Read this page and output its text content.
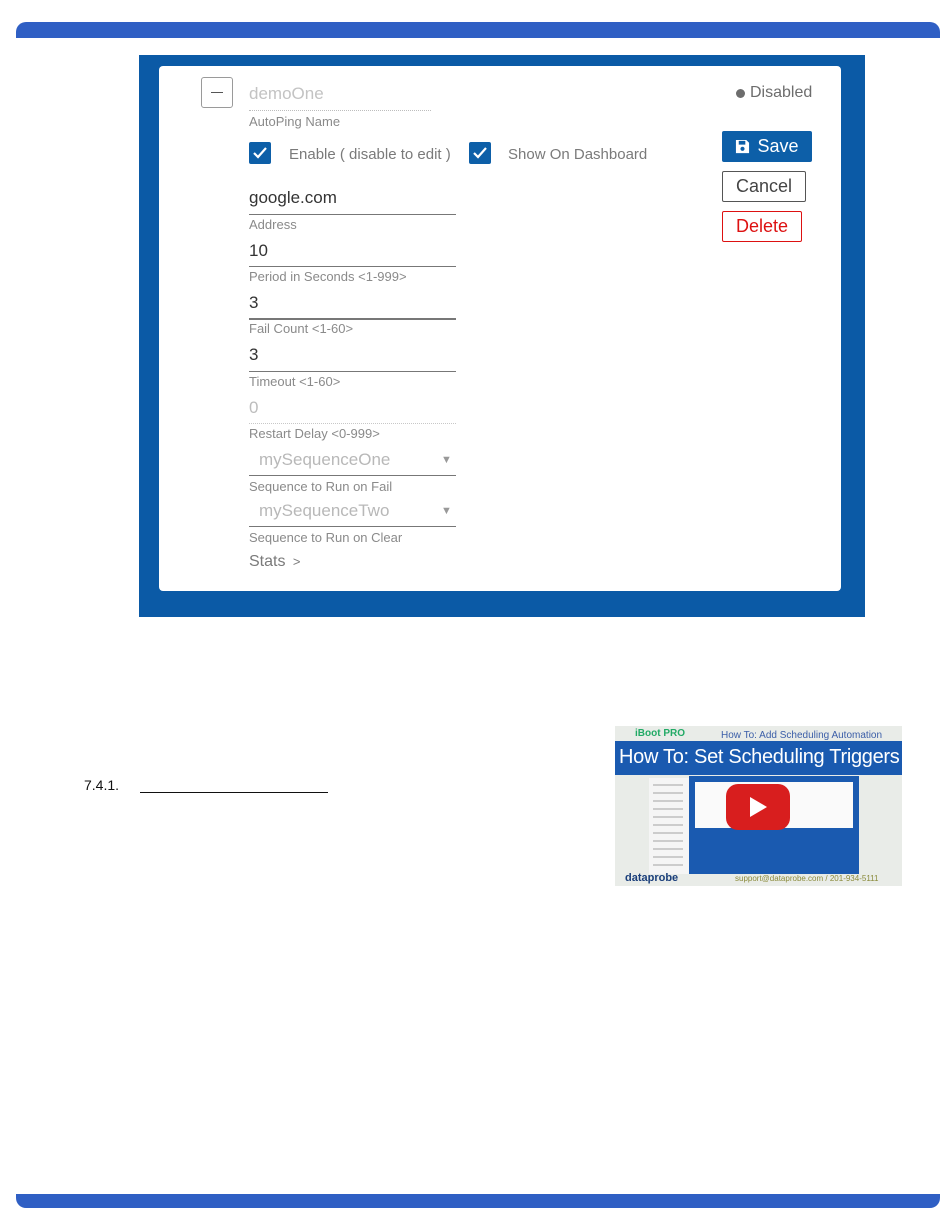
demoOne
AutoPing Name
Disabled
Enable ( disable to edit )	Show On Dashboard
google.com
Address
10
Period in Seconds <1-999>
3
Fail Count <1-60>
3
Timeout <1-60>
0
Restart Delay <0-999>
mySequenceOne	▼
Sequence to Run on Fail
mySequenceTwo	▼
Sequence to Run on Clear
Stats >
Save
Cancel
Delete
7.4.1.
iBoot PRO	How To: Add Scheduling Automation
How To: Set Scheduling Triggers
dataprobe	support@dataprobe.com / 201-934-5111
